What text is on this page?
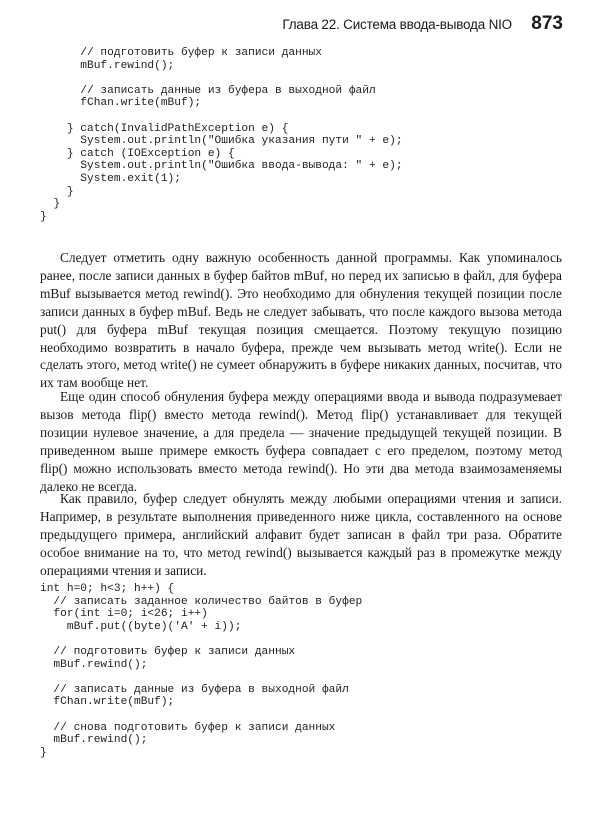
Глава 22. Система ввода-вывода NIO 873
// подготовить буфер к записи данных
mBuf.rewind();

// записать данные из буфера в выходной файл
fChan.write(mBuf);

} catch(InvalidPathException e) {
System.out.println("Ошибка указания пути " + e);
} catch (IOException e) {
System.out.println("Ошибка ввода-вывода: " + e);
System.exit(1);
}
}
}
Следует отметить одну важную особенность данной программы. Как упоминалось ранее, после записи данных в буфер байтов mBuf, но перед их записью в файл, для буфера mBuf вызывается метод rewind(). Это необходимо для обнуления текущей позиции после записи данных в буфер mBuf. Ведь не следует забывать, что после каждого вызова метода put() для буфера mBuf текущая позиция смещается. Поэтому текущую позицию необходимо возвратить в начало буфера, прежде чем вызывать метод write(). Если не сделать этого, метод write() не сумеет обнаружить в буфере никаких данных, посчитав, что их там вообще нет.
Еще один способ обнуления буфера между операциями ввода и вывода подразумевает вызов метода flip() вместо метода rewind(). Метод flip() устанавливает для текущей позиции нулевое значение, а для предела — значение предыдущей текущей позиции. В приведенном выше примере емкость буфера совпадает с его пределом, поэтому метод flip() можно использовать вместо метода rewind(). Но эти два метода взаимозаменяемы далеко не всегда.
Как правило, буфер следует обнулять между любыми операциями чтения и записи. Например, в результате выполнения приведенного ниже цикла, составленного на основе предыдущего примера, английский алфавит будет записан в файл три раза. Обратите особое внимание на то, что метод rewind() вызывается каждый раз в промежутке между операциями чтения и записи.
int h=0; h<3; h++) {
// записать заданное количество байтов в буфер
for(int i=0; i<26; i++)
mBuf.put((byte)('A' + i));

// подготовить буфер к записи данных
mBuf.rewind();

// записать данные из буфера в выходной файл
fChan.write(mBuf);

// снова подготовить буфер к записи данных
mBuf.rewind();
}
